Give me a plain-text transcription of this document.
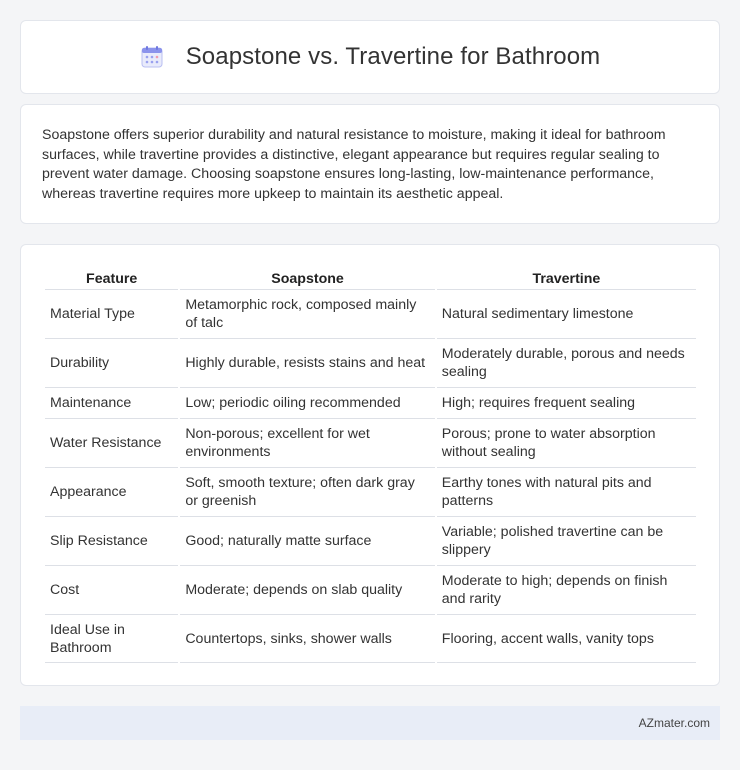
Soapstone vs. Travertine for Bathroom

Soapstone offers superior durability and natural resistance to moisture, making it ideal for bathroom surfaces, while travertine provides a distinctive, elegant appearance but requires regular sealing to prevent water damage. Choosing soapstone ensures long-lasting, low-maintenance performance, whereas travertine requires more upkeep to maintain its aesthetic appeal.

Feature	Soapstone	Travertine
Material Type	Metamorphic rock, composed mainly of talc	Natural sedimentary limestone
Durability	Highly durable, resists stains and heat	Moderately durable, porous and needs sealing
Maintenance	Low; periodic oiling recommended	High; requires frequent sealing
Water Resistance	Non-porous; excellent for wet environments	Porous; prone to water absorption without sealing
Appearance	Soft, smooth texture; often dark gray or greenish	Earthy tones with natural pits and patterns
Slip Resistance	Good; naturally matte surface	Variable; polished travertine can be slippery
Cost	Moderate; depends on slab quality	Moderate to high; depends on finish and rarity
Ideal Use in Bathroom	Countertops, sinks, shower walls	Flooring, accent walls, vanity tops
AZmater.com
